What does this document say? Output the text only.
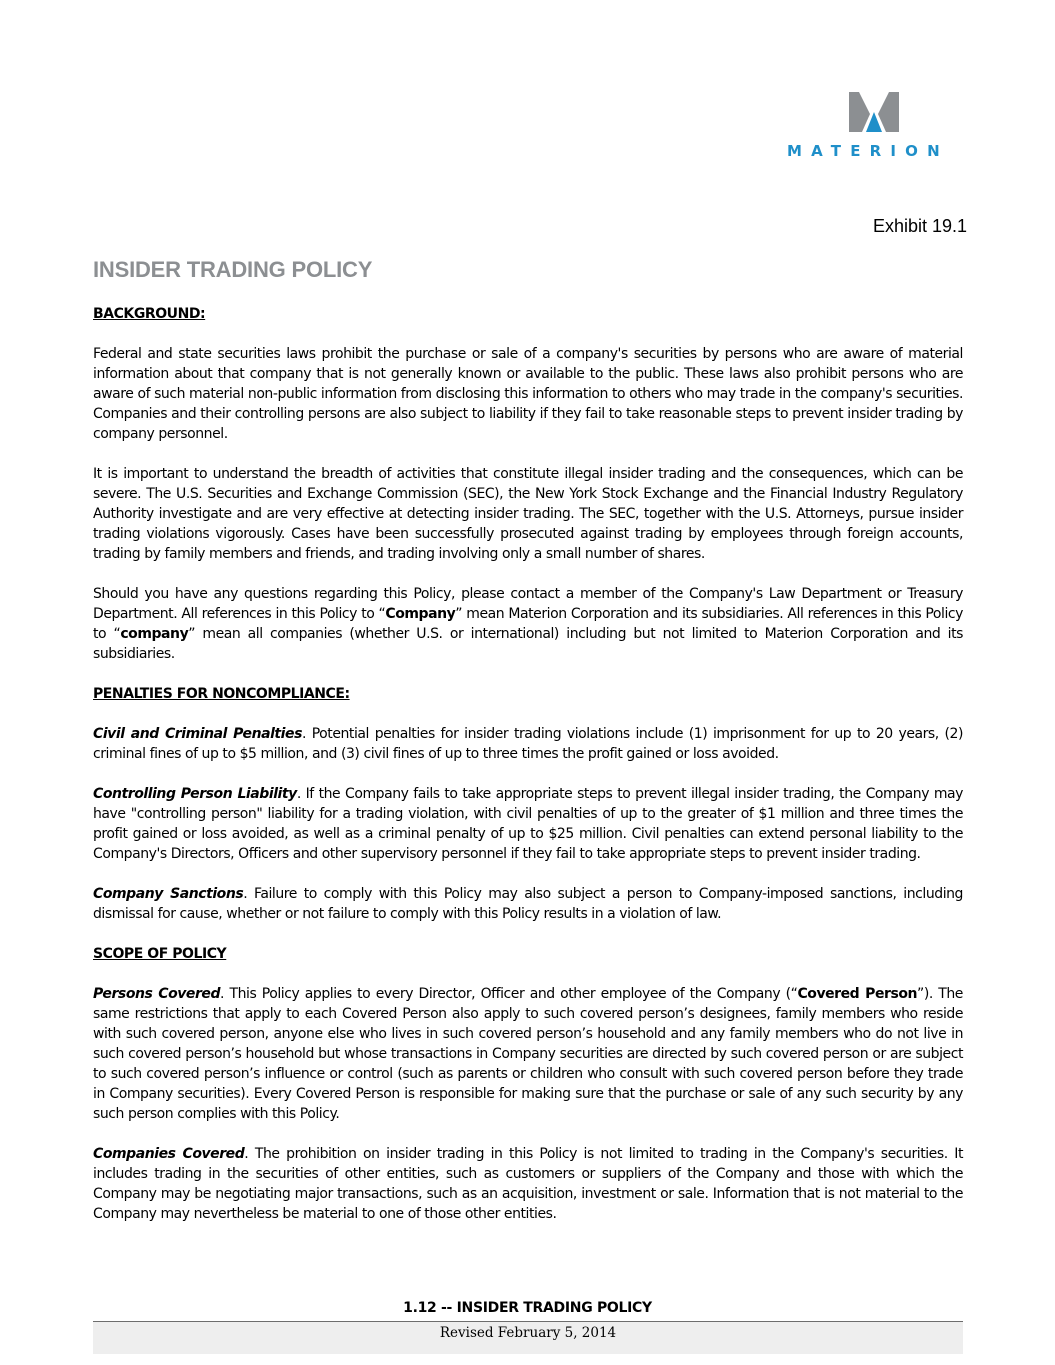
MATERION
Exhibit 19.1
INSIDER TRADING POLICY
BACKGROUND:

Federal and state securities laws prohibit the purchase or sale of a company's securities by persons who are aware of material information about that company that is not generally known or available to the public. These laws also prohibit persons who are aware of such material non-public information from disclosing this information to others who may trade in the company's securities. Companies and their controlling persons are also subject to liability if they fail to take reasonable steps to prevent insider trading by company personnel.

It is important to understand the breadth of activities that constitute illegal insider trading and the consequences, which can be severe. The U.S. Securities and Exchange Commission (SEC), the New York Stock Exchange and the Financial Industry Regulatory Authority investigate and are very effective at detecting insider trading. The SEC, together with the U.S. Attorneys, pursue insider trading violations vigorously. Cases have been successfully prosecuted against trading by employees through foreign accounts, trading by family members and friends, and trading involving only a small number of shares.

Should you have any questions regarding this Policy, please contact a member of the Company's Law Department or Treasury Department. All references in this Policy to “Company” mean Materion Corporation and its subsidiaries. All references in this Policy to “company” mean all companies (whether U.S. or international) including but not limited to Materion Corporation and its subsidiaries.

PENALTIES FOR NONCOMPLIANCE:

Civil and Criminal Penalties. Potential penalties for insider trading violations include (1) imprisonment for up to 20 years, (2) criminal fines of up to $5 million, and (3) civil fines of up to three times the profit gained or loss avoided.

Controlling Person Liability. If the Company fails to take appropriate steps to prevent illegal insider trading, the Company may have "controlling person" liability for a trading violation, with civil penalties of up to the greater of $1 million and three times the profit gained or loss avoided, as well as a criminal penalty of up to $25 million. Civil penalties can extend personal liability to the Company's Directors, Officers and other supervisory personnel if they fail to take appropriate steps to prevent insider trading.

Company Sanctions. Failure to comply with this Policy may also subject a person to Company-imposed sanctions, including dismissal for cause, whether or not failure to comply with this Policy results in a violation of law.

SCOPE OF POLICY

Persons Covered. This Policy applies to every Director, Officer and other employee of the Company (“Covered Person”). The same restrictions that apply to each Covered Person also apply to such covered person’s designees, family members who reside with such covered person, anyone else who lives in such covered person’s household and any family members who do not live in such covered person’s household but whose transactions in Company securities are directed by such covered person or are subject to such covered person’s influence or control (such as parents or children who consult with such covered person before they trade in Company securities). Every Covered Person is responsible for making sure that the purchase or sale of any such security by any such person complies with this Policy.

Companies Covered. The prohibition on insider trading in this Policy is not limited to trading in the Company's securities. It includes trading in the securities of other entities, such as customers or suppliers of the Company and those with which the Company may be negotiating major transactions, such as an acquisition, investment or sale. Information that is not material to the Company may nevertheless be material to one of those other entities.

1.12 -- INSIDER TRADING POLICY
Revised February 5, 2014
